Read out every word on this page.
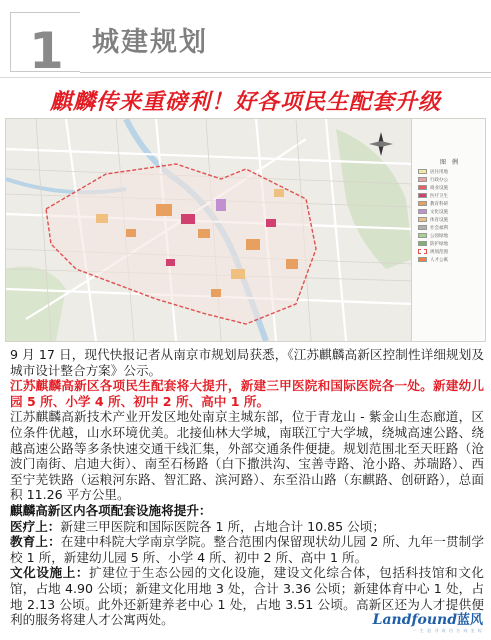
1 城建规划
麒麟传来重磅利！好各项民生配套升级
图　例
居住用地
行政办公
商业设施
医疗卫生
教育科研
文化设施
体育设施
社会福利
公园绿地
防护绿地
规划范围
人才公寓

9 月 17 日，现代快报记者从南京市规划局获悉，《江苏麒麟高新区控制性详细规划及城市设计整合方案》公示。

江苏麒麟高新区各项民生配套将大提升，新建三甲医院和国际医院各一处。新建幼儿园 5 所、小学 4 所、初中 2 所、高中 1 所。

江苏麒麟高新技术产业开发区地处南京主城东部，位于青龙山 - 紫金山生态廊道，区位条件优越，山水环境优美。北接仙林大学城，南联江宁大学城，绕城高速公路、绕越高速公路等多条快速交通干线汇集，外部交通条件便捷。规划范围北至天旺路（沧波门南街、启迪大街）、南至石杨路（白下撒洪沟、宝善寺路、沧小路、苏瑞路）、西至宁芜铁路（运粮河东路、智汇路、滨河路）、东至沿山路（东麒路、创研路），总面积 11.26 平方公里。

麒麟高新区内各项配套设施将提升：

医疗上：新建三甲医院和国际医院各 1 所，占地合计 10.85 公顷；

教育上：在建中科院大学南京学院。整合范围内保留现状幼儿园 2 所、九年一贯制学校 1 所，新建幼儿园 5 所、小学 4 所、初中 2 所、高中 1 所。

文化设施上：扩建位于生态公园的文化设施，建设文化综合体，包括科技馆和文化馆，占地 4.90 公顷；新建文化用地 3 处，合计 3.36 公顷；新建体育中心 1 处，占地 2.13 公顷。此外还新建养老中心 1 处，占地 3.51 公顷。高新区还为人才提供便利的服务将建人才公寓两处。	Landfound蓝风
一 生 追 寻 成 功 方 向 坐 标
